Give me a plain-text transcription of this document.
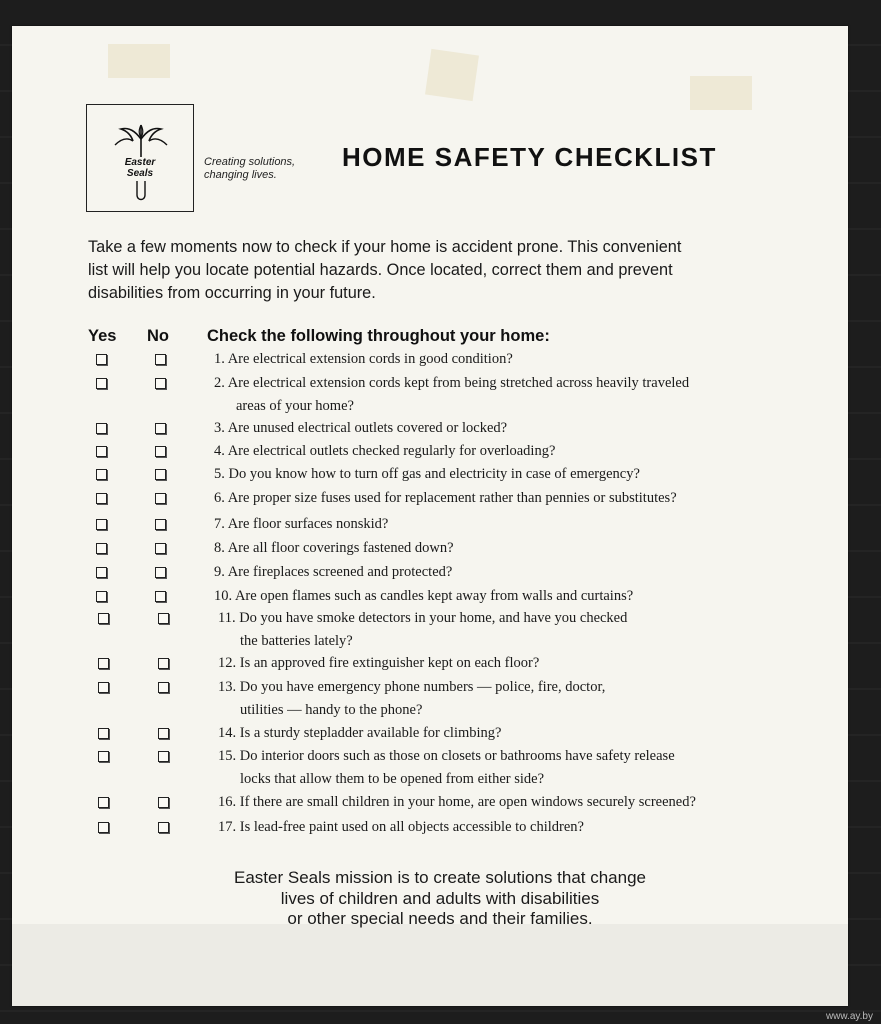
Easter
Seals
Creating solutions,
changing lives.
HOME SAFETY CHECKLIST
Take a few moments now to check if your home is accident prone. This convenient
list will help you locate potential hazards. Once located, correct them and prevent
disabilities from occurring in your future.
Yes No Check the following throughout your home:
Easter Seals mission is to create solutions that change
lives of children and adults with disabilities
or other special needs and their families.
www.ay.by
1. Are electrical extension cords in good condition?
2. Are electrical extension cords kept from being stretched across heavily traveled
areas of your home?
3. Are unused electrical outlets covered or locked?
4. Are electrical outlets checked regularly for overloading?
5. Do you know how to turn off gas and electricity in case of emergency?
6. Are proper size fuses used for replacement rather than pennies or substitutes?
7. Are floor surfaces nonskid?
8. Are all floor coverings fastened down?
9. Are fireplaces screened and protected?
10. Are open flames such as candles kept away from walls and curtains?
11. Do you have smoke detectors in your home, and have you checked
the batteries lately?
12. Is an approved fire extinguisher kept on each floor?
13. Do you have emergency phone numbers — police, fire, doctor,
utilities — handy to the phone?
14. Is a sturdy stepladder available for climbing?
15. Do interior doors such as those on closets or bathrooms have safety release
locks that allow them to be opened from either side?
16. If there are small children in your home, are open windows securely screened?
17. Is lead-free paint used on all objects accessible to children?
